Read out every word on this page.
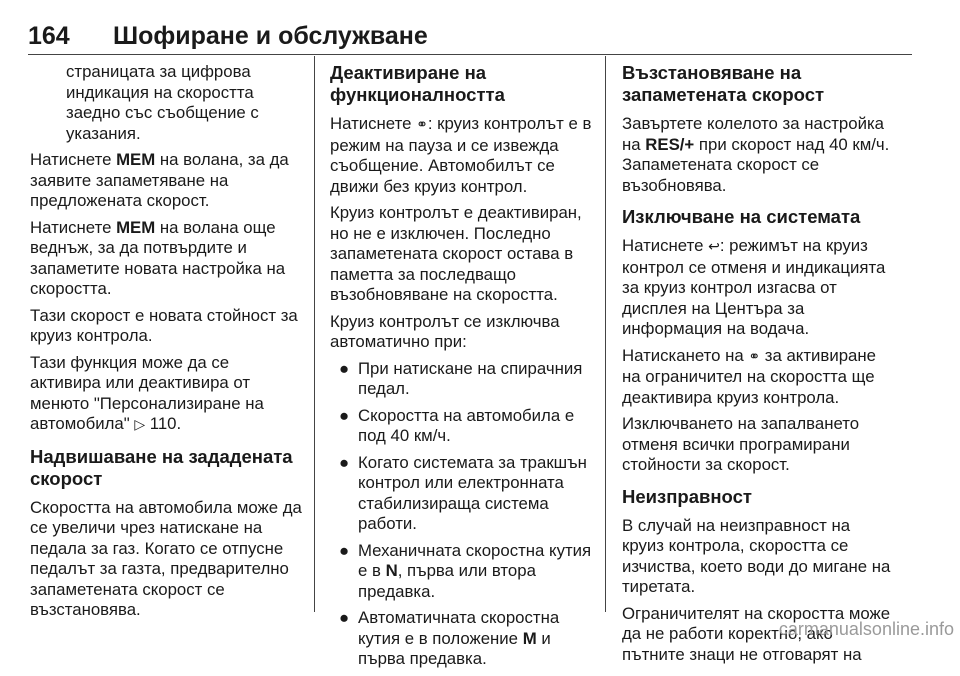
164 Шофиране и обслужване

страницата за цифрова индикация на скоростта заедно със съобщение с указания.

Натиснете MEM на волана, за да заявите запаметяване на предложената скорост.

Натиснете MEM на волана още веднъж, за да потвърдите и запаметите новата настройка на скоростта.

Тази скорост е новата стойност за круиз контрола.

Тази функция може да се активира или деактивира от менюто "Персонализиране на автомобила" ▷ 110.

Надвишаване на зададената скорост

Скоростта на автомобила може да се увеличи чрез натискане на педала за газ. Когато се отпусне педалът за газта, предварително запаметената скорост се възстановява.

Деактивиране на функционалността

Натиснете ⚭: круиз контролът е в режим на пауза и се извежда съобщение. Автомобилът се движи без круиз контрол.

Круиз контролът е деактивиран, но не е изключен. Последно запаметената скорост остава в паметта за последващо възобновяване на скоростта.

Круиз контролът се изключва автоматично при:

● При натискане на спирачния педал.
● Скоростта на автомобила е под 40 км/ч.
● Когато системата за тракшън контрол или електронната стабилизираща система работи.
● Механичната скоростна кутия е в N, първа или втора предавка.
● Автоматичната скоростна кутия е в положение M и първа предавка.
Възстановяване на запаметената скорост

Завъртете колелото за настройка на RES/+ при скорост над 40 км/ч. Запаметената скорост се възобновява.

Изключване на системата

Натиснете ↩: режимът на круиз контрол се отменя и индикацията за круиз контрол изгасва от дисплея на Центъра за информация на водача.

Натискането на ⚭ за активиране на ограничител на скоростта ще деактивира круиз контрола.

Изключването на запалването отменя всички програмирани стойности за скорост.

Неизправност

В случай на неизправност на круиз контрола, скоростта се изчиства, което води до мигане на тиретата.

Ограничителят на скоростта може да не работи коректно, ако пътните знаци не отговарят на

carmanualsonline.info
